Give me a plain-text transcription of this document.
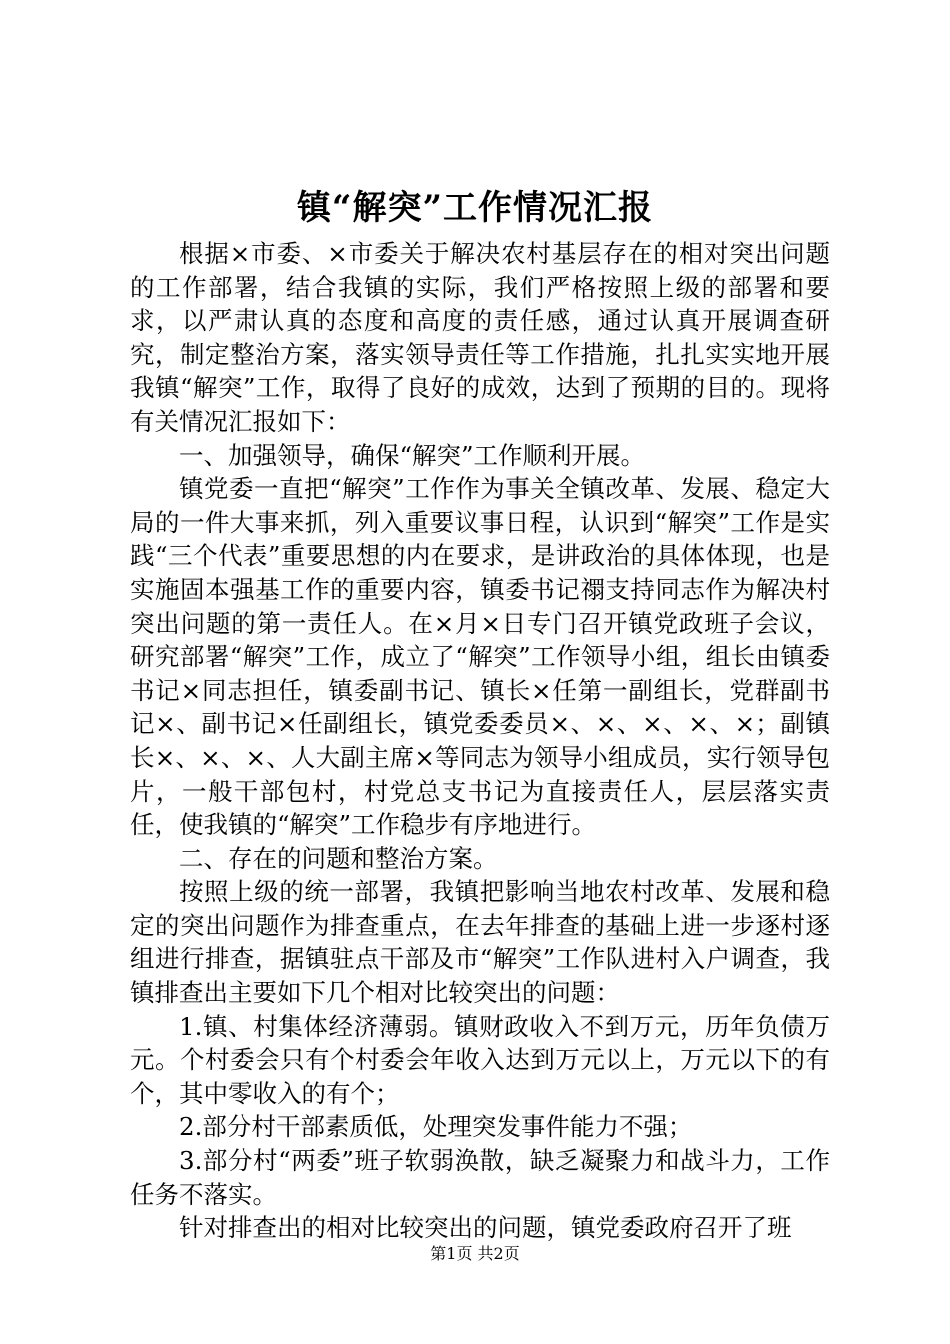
镇“解突”工作情况汇报

根据×市委、×市委关于解决农村基层存在的相对突出问题的工作部署，结合我镇的实际，我们严格按照上级的部署和要求，以严肃认真的态度和高度的责任感，通过认真开展调查研究，制定整治方案，落实领导责任等工作措施，扎扎实实地开展我镇“解突”工作，取得了良好的成效，达到了预期的目的。现将有关情况汇报如下：

一、加强领导，确保“解突”工作顺利开展。

镇党委一直把“解突”工作作为事关全镇改革、发展、稳定大局的一件大事来抓，列入重要议事日程，认识到“解突”工作是实践“三个代表”重要思想的内在要求，是讲政治的具体体现，也是实施固本强基工作的重要内容，镇委书记禤支持同志作为解决村突出问题的第一责任人。在×月×日专门召开镇党政班子会议，研究部署“解突”工作，成立了“解突”工作领导小组，组长由镇委书记×同志担任，镇委副书记、镇长×任第一副组长，党群副书记×、副书记×任副组长，镇党委委员×、×、×、×、×；副镇长×、×、×、人大副主席×等同志为领导小组成员，实行领导包片，一般干部包村，村党总支书记为直接责任人，层层落实责任，使我镇的“解突”工作稳步有序地进行。

二、存在的问题和整治方案。

按照上级的统一部署，我镇把影响当地农村改革、发展和稳定的突出问题作为排查重点，在去年排查的基础上进一步逐村逐组进行排查，据镇驻点干部及市“解突”工作队进村入户调查，我镇排查出主要如下几个相对比较突出的问题：

1.镇、村集体经济薄弱。镇财政收入不到万元，历年负债万元。个村委会只有个村委会年收入达到万元以上，万元以下的有个，其中零收入的有个；

2.部分村干部素质低，处理突发事件能力不强；

3.部分村“两委”班子软弱涣散，缺乏凝聚力和战斗力，工作任务不落实。

针对排查出的相对比较突出的问题，镇党委政府召开了班

第1页 共2页
